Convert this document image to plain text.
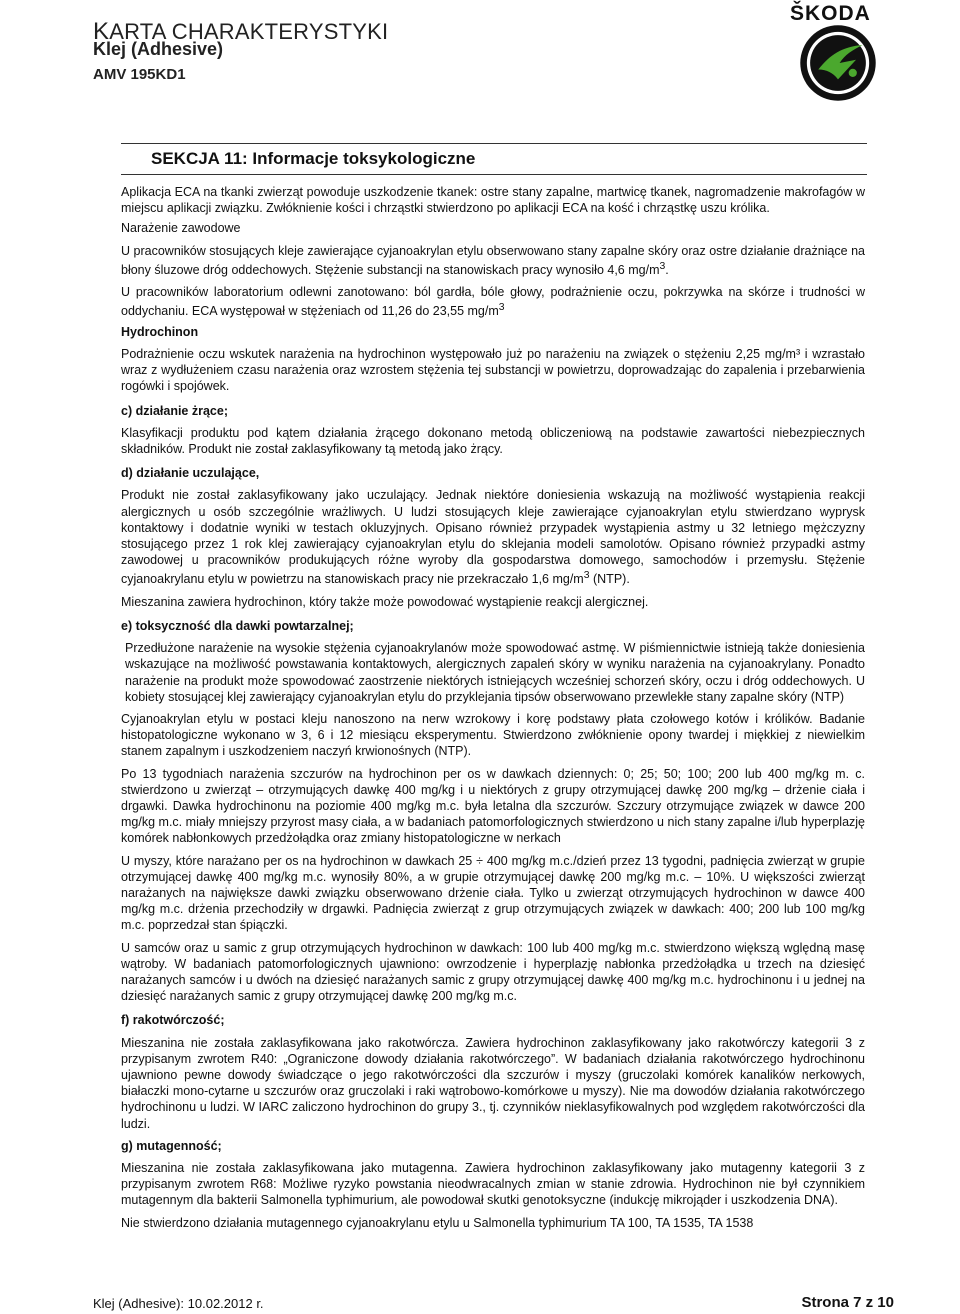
KARTA CHARAKTERYSTYKI
Klej (Adhesive)
AMV 195KD1
ŠKODA
SEKCJA 11: Informacje toksykologiczne

Aplikacja ECA na tkanki zwierząt powoduje uszkodzenie tkanek: ostre stany zapalne, martwicę tkanek, nagromadzenie makrofagów w miejscu aplikacji związku. Zwłóknienie kości i chrząstki stwierdzono po aplikacji ECA na kość i chrząstkę uszu królika.

Narażenie zawodowe

U pracowników stosujących kleje zawierające cyjanoakrylan etylu obserwowano stany zapalne skóry oraz ostre działanie drażniące na błony śluzowe dróg oddechowych. Stężenie substancji na stanowiskach pracy wynosiło 4,6 $mg/m^3$.

U pracowników laboratorium odlewni zanotowano: ból gardła, bóle głowy, podrażnienie oczu, pokrzywka na skórze i trudności w oddychaniu. ECA występował w stężeniach od 11,26 do 23,55 $mg/m^3$

Hydrochinon

Podrażnienie oczu wskutek narażenia na hydrochinon występowało już po narażeniu na związek o stężeniu 2,25 mg/m³ i wzrastało wraz z wydłużeniem czasu narażenia oraz wzrostem stężenia tej substancji w powietrzu, doprowadzając do zapalenia i przebarwienia rogówki i spojówek.

c) działanie żrące;

Klasyfikacji produktu pod kątem działania żrącego dokonano metodą obliczeniową na podstawie zawartości niebezpiecznych składników. Produkt nie został zaklasyfikowany tą metodą jako żrący.

d) działanie uczulające,

Produkt nie został zaklasyfikowany jako uczulający. Jednak niektóre doniesienia wskazują na możliwość wystąpienia reakcji alergicznych u osób szczególnie wrażliwych. U ludzi stosujących kleje zawierające cyjanoakrylan etylu stwierdzano wyprysk kontaktowy i dodatnie wyniki w testach okluzyjnych. Opisano również przypadek wystąpienia astmy u 32 letniego mężczyzny stosującego przez 1 rok klej zawierający cyjanoakrylan etylu do sklejania modeli samolotów. Opisano również przypadki astmy zawodowej u pracowników produkujących różne wyroby dla gospodarstwa domowego, samochodów i przemysłu. Stężenie cyjanoakrylanu etylu w powietrzu na stanowiskach pracy nie przekraczało 1,6 $mg/m^3$ (NTP).

Mieszanina zawiera hydrochinon, który także może powodować wystąpienie reakcji alergicznej.

e) toksyczność dla dawki powtarzalnej;

Przedłużone narażenie na wysokie stężenia cyjanoakrylanów może spowodować astmę. W piśmiennictwie istnieją także doniesienia wskazujące na możliwość powstawania kontaktowych, alergicznych zapaleń skóry w wyniku narażenia na cyjanoakrylany. Ponadto narażenie na produkt może spowodować zaostrzenie niektórych istniejących wcześniej schorzeń skóry, oczu i dróg oddechowych. U kobiety stosującej klej zawierający cyjanoakrylan etylu do przyklejania tipsów obserwowano przewlekłe stany zapalne skóry (NTP)

Cyjanoakrylan etylu w postaci kleju nanoszono na nerw wzrokowy i korę podstawy płata czołowego kotów i królików. Badanie histopatologiczne wykonano w 3, 6 i 12 miesiącu eksperymentu. Stwierdzono zwłóknienie opony twardej i miękkiej z niewielkim stanem zapalnym i uszkodzeniem naczyń krwionośnych (NTP).

Po 13 tygodniach narażenia szczurów na hydrochinon per os w dawkach dziennych: 0; 25; 50; 100; 200 lub 400 mg/kg m. c. stwierdzono u zwierząt – otrzymujących dawkę 400 mg/kg i u niektórych z grupy otrzymującej dawkę 200 mg/kg – drżenie ciała i drgawki. Dawka hydrochinonu na poziomie 400 mg/kg m.c. była letalna dla szczurów. Szczury otrzymujące związek w dawce 200 mg/kg m.c. miały mniejszy przyrost masy ciała, a w badaniach patomorfologicznych stwierdzono u nich stany zapalne i/lub hyperplazję komórek nabłonkowych przedżołądka oraz zmiany histopatologiczne w nerkach

U myszy, które narażano per os na hydrochinon w dawkach 25 ÷ 400 mg/kg m.c./dzień przez 13 tygodni, padnięcia zwierząt w grupie otrzymującej dawkę 400 mg/kg m.c. wynosiły 80%, a w grupie otrzymującej dawkę 200 mg/kg m.c. – 10%. U większości zwierząt narażanych na największe dawki związku obserwowano drżenie ciała. Tylko u zwierząt otrzymujących hydrochinon w dawce 400 mg/kg m.c. drżenia przechodziły w drgawki. Padnięcia zwierząt z grup otrzymujących związek w dawkach: 400; 200 lub 100 mg/kg m.c. poprzedzał stan śpiączki.

U samców oraz u samic z grup otrzymujących hydrochinon w dawkach: 100 lub 400 mg/kg m.c. stwierdzono większą wględną masę wątroby. W badaniach patomorfologicznych ujawniono: owrzodzenie i hyperplazję nabłonka przedżołądka u trzech na dziesięć narażanych samców i u dwóch na dziesięć narażanych samic z grupy otrzymującej dawkę 400 mg/kg m.c. hydrochinonu i u jednej na dziesięć narażanych samic z grupy otrzymującej dawkę 200 mg/kg m.c.

f) rakotwórczość;

Mieszanina nie została zaklasyfikowana jako rakotwórcza. Zawiera hydrochinon zaklasyfikowany jako rakotwórczy kategorii 3 z przypisanym zwrotem R40: „Ograniczone dowody działania rakotwórczego”. W badaniach działania rakotwórczego hydrochinonu ujawniono pewne dowody świadczące o jego rakotwórczości dla szczurów i myszy (gruczolaki komórek kanalików nerkowych, białaczki mono-cytarne u szczurów oraz gruczolaki i raki wątrobowo-komórkowe u myszy). Nie ma dowodów działania rakotwórczego hydrochinonu u ludzi. W IARC zaliczono hydrochinon do grupy 3., tj. czynników nieklasyfikowalnych pod względem rakotwórczości dla ludzi.

g) mutagenność;

Mieszanina nie została zaklasyfikowana jako mutagenna. Zawiera hydrochinon zaklasyfikowany jako mutagenny kategorii 3 z przypisanym zwrotem R68: Możliwe ryzyko powstania nieodwracalnych zmian w stanie zdrowia. Hydrochinon nie był czynnikiem mutagennym dla bakterii Salmonella typhimurium, ale powodował skutki genotoksyczne (indukcję mikrojąder i uszkodzenia DNA).

Nie stwierdzono działania mutagennego cyjanoakrylanu etylu u Salmonella typhimurium TA 100, TA 1535, TA 1538

Klej (Adhesive): 10.02.2012 r.	Strona 7 z 10
